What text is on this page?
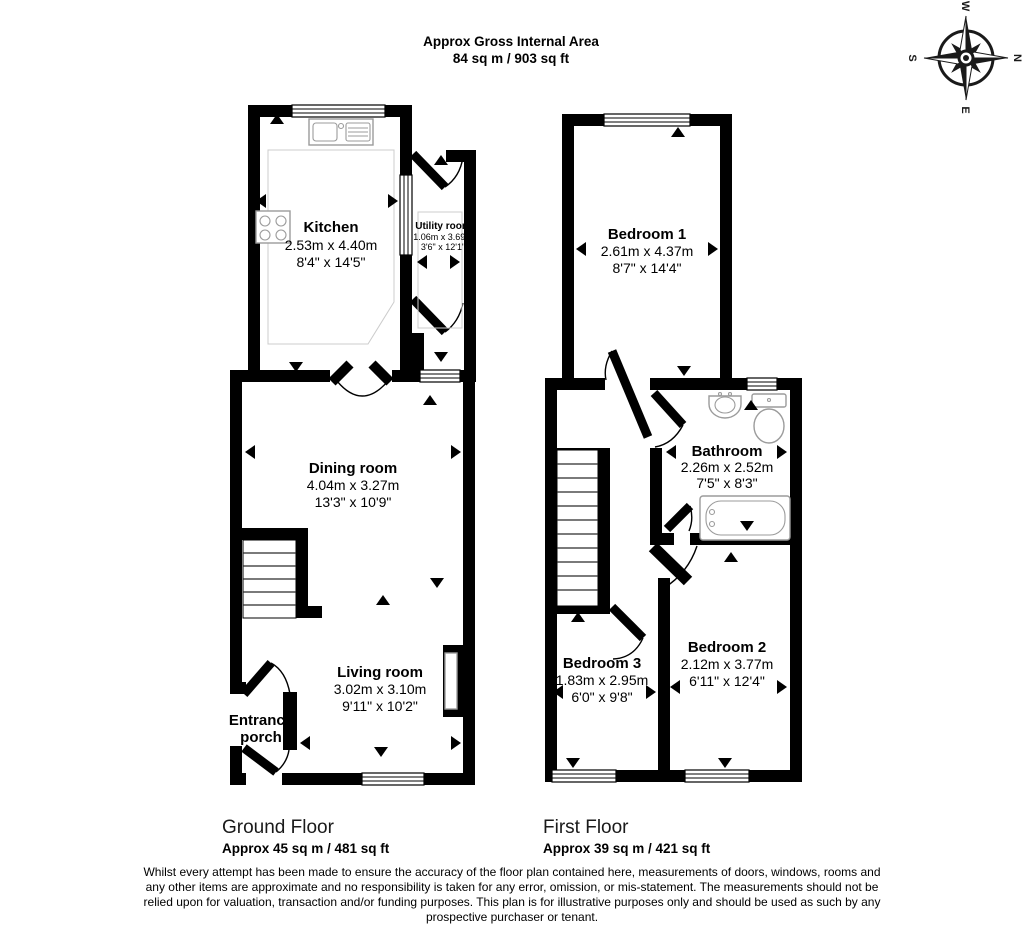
Approx Gross Internal Area
84 sq m / 903 sq ft	N
E
S
W
Kitchen
2.53m x 4.40m
8'4" x 14'5"
Utility room
1.06m x 3.69m
3'6" x 12'1"
Dining room
4.04m x 3.27m
13'3" x 10'9"
Living room
3.02m x 3.10m
9'11" x 10'2"
Entrance
porch
Bedroom 1
2.61m x 4.37m
8'7" x 14'4"
Bathroom
2.26m x 2.52m
7'5" x 8'3"
Bedroom 2
2.12m x 3.77m
6'11" x 12'4"
Bedroom 3
1.83m x 2.95m
6'0" x 9'8"
Ground Floor
Approx 45 sq m / 481 sq ft
First Floor
Approx 39 sq m / 421 sq ft
Whilst every attempt has been made to ensure the accuracy of the floor plan contained here, measurements of doors, windows, rooms and
any other items are approximate and no responsibility is taken for any error, omission, or mis-statement. The measurements should not be
relied upon for valuation, transaction and/or funding purposes. This plan is for illustrative purposes only and should be used as such by any
prospective purchaser or tenant.
